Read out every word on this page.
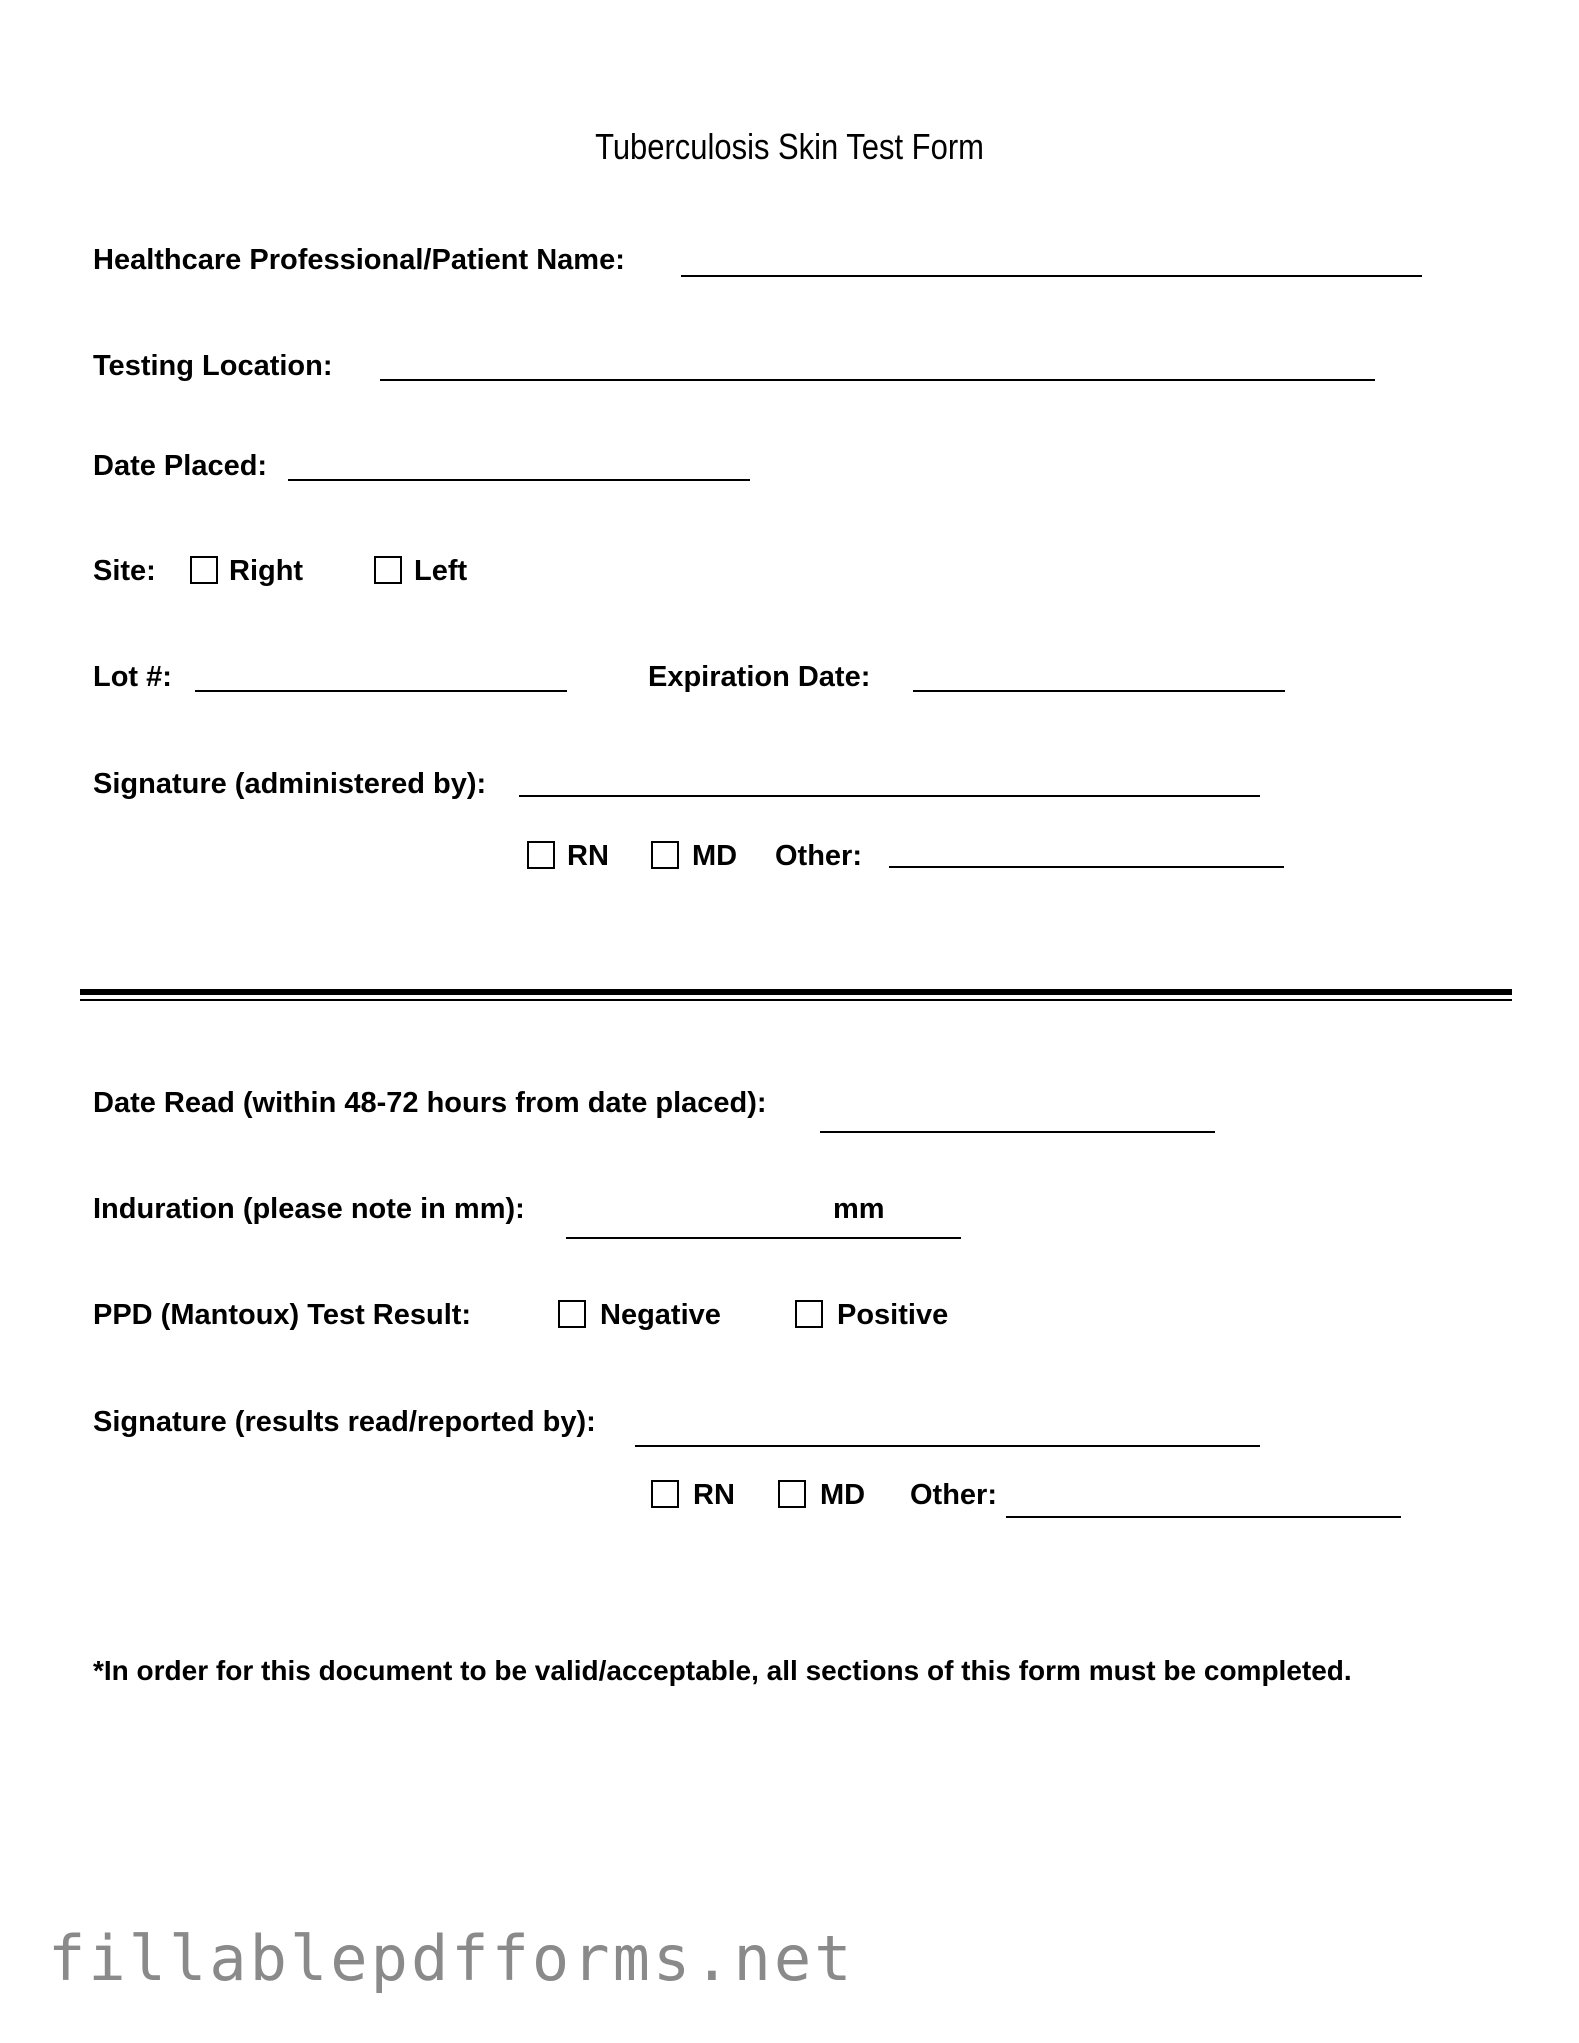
Tuberculosis Skin Test Form
Healthcare Professional/Patient Name:
Testing Location:
Date Placed:
Site:	Right	Left
Lot #:	Expiration Date:
Signature (administered by):
RN	MD Other:
Date Read (within 48-72 hours from date placed):
Induration (please note in mm):	mm
PPD (Mantoux) Test Result:	Negative	Positive
Signature (results read/reported by):
RN	MD Other:
*In order for this document to be valid/acceptable, all sections of this form must be completed.
fillablepdfforms.net
